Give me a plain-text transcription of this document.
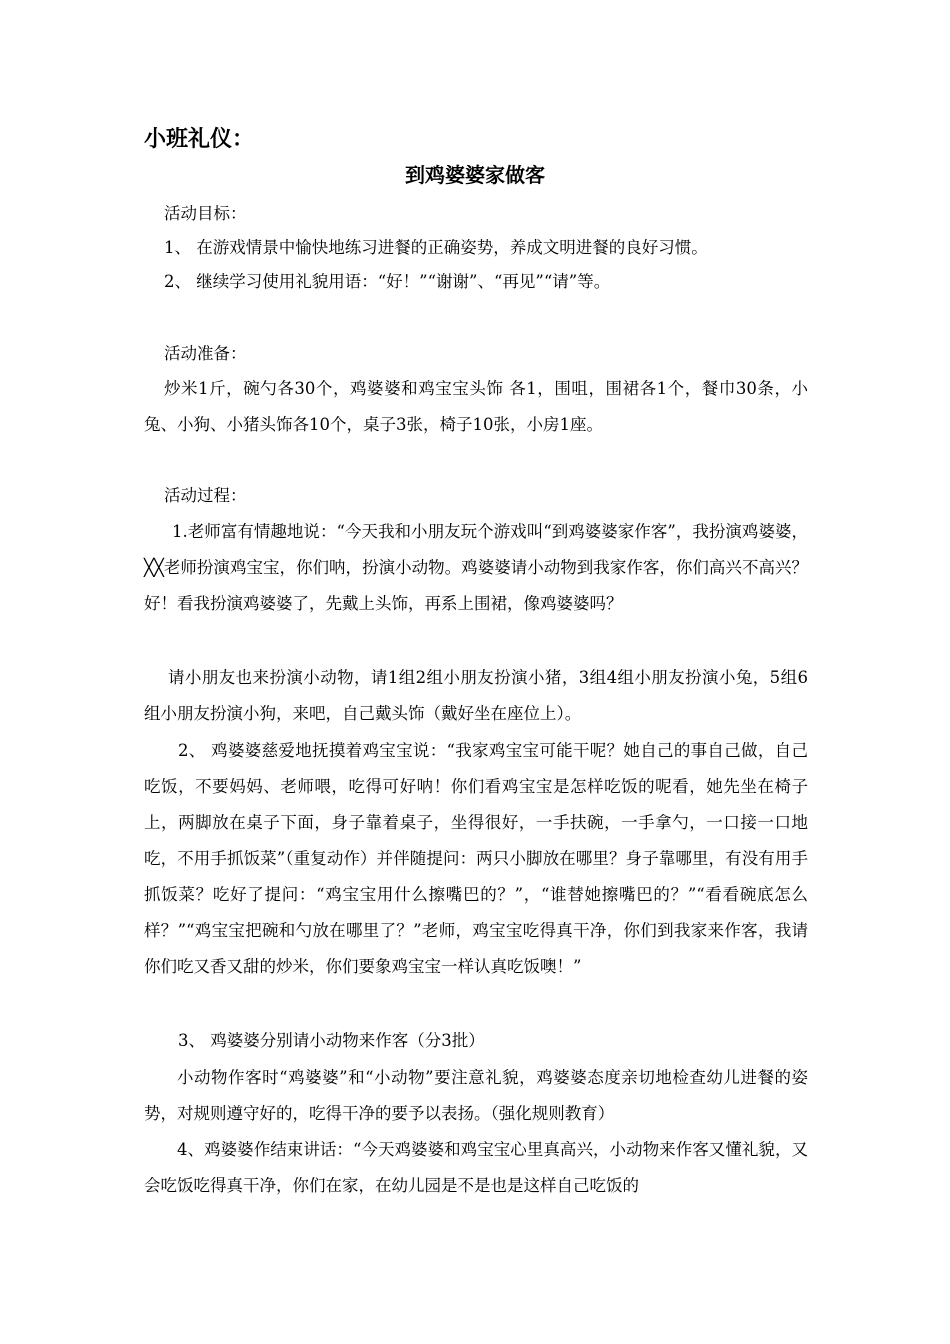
小班礼仪：
到鸡婆婆家做客
活动目标：
1、 在游戏情景中愉快地练习进餐的正确姿势，养成文明进餐的良好习惯。
2、 继续学习使用礼貌用语：“好！”“谢谢”、“再见”“请”等。
活动准备：
炒米1斤，碗勺各30个，鸡婆婆和鸡宝宝头饰 各1，围咀，围裙各1个，餐巾30条，小兔、小狗、小猪头饰各10个，桌子3张，椅子10张，小房1座。
活动过程：
1.老师富有情趣地说：“今天我和小朋友玩个游戏叫“到鸡婆婆家作客”，我扮演鸡婆婆，╳╳老师扮演鸡宝宝，你们呐，扮演小动物。鸡婆婆请小动物到我家作客，你们高兴不高兴？好！看我扮演鸡婆婆了，先戴上头饰，再系上围裙，像鸡婆婆吗？
请小朋友也来扮演小动物，请1组2组小朋友扮演小猪，3组4组小朋友扮演小兔，5组6组小朋友扮演小狗，来吧，自己戴头饰（戴好坐在座位上）。
2、 鸡婆婆慈爱地抚摸着鸡宝宝说：“我家鸡宝宝可能干呢？她自己的事自己做，自己吃饭，不要妈妈、老师喂，吃得可好呐！你们看鸡宝宝是怎样吃饭的呢看，她先坐在椅子上，两脚放在桌子下面，身子靠着桌子，坐得很好，一手扶碗，一手拿勺，一口接一口地吃，不用手抓饭菜”（重复动作）并伴随提问：两只小脚放在哪里？身子靠哪里，有没有用手抓饭菜？吃好了提问：“鸡宝宝用什么擦嘴巴的？”，“谁替她擦嘴巴的？”“看看碗底怎么样？”“鸡宝宝把碗和勺放在哪里了？”老师，鸡宝宝吃得真干净，你们到我家来作客，我请你们吃又香又甜的炒米，你们要象鸡宝宝一样认真吃饭噢！”
3、 鸡婆婆分别请小动物来作客（分3批）
小动物作客时“鸡婆婆”和“小动物”要注意礼貌，鸡婆婆态度亲切地检查幼儿进餐的姿势，对规则遵守好的，吃得干净的要予以表扬。（强化规则教育）
4、鸡婆婆作结束讲话：“今天鸡婆婆和鸡宝宝心里真高兴，小动物来作客又懂礼貌，又会吃饭吃得真干净，你们在家，在幼儿园是不是也是这样自己吃饭的
